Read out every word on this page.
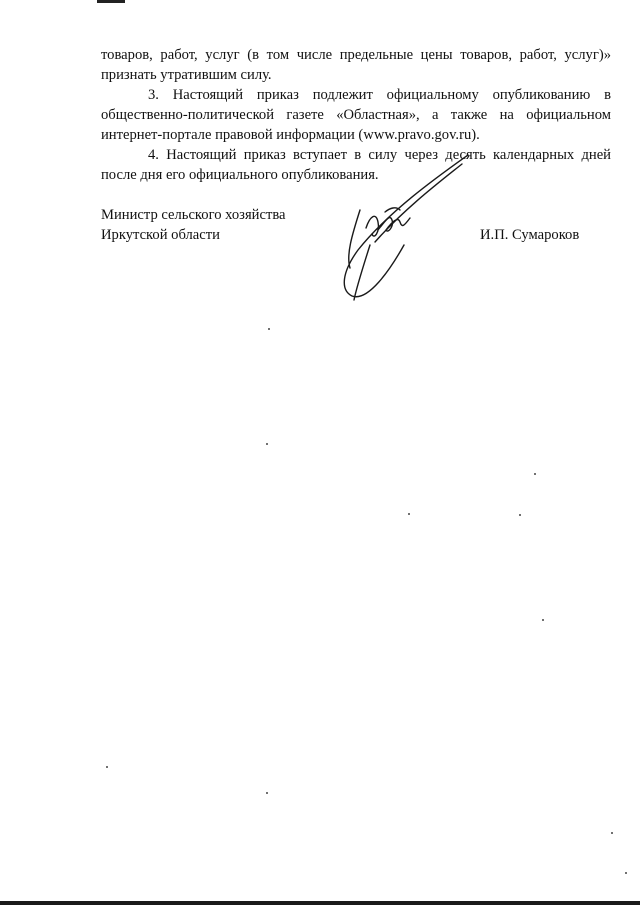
товаров, работ, услуг (в том числе предельные цены товаров, работ, услуг)» признать утратившим силу.

3. Настоящий приказ подлежит официальному опубликованию в общественно-политической газете «Областная», а также на официальном интернет-портале правовой информации (www.pravo.gov.ru).

4. Настоящий приказ вступает в силу через десять календарных дней после дня его официального опубликования.

Министр сельского хозяйства
Иркутской области	И.П. Сумароков
